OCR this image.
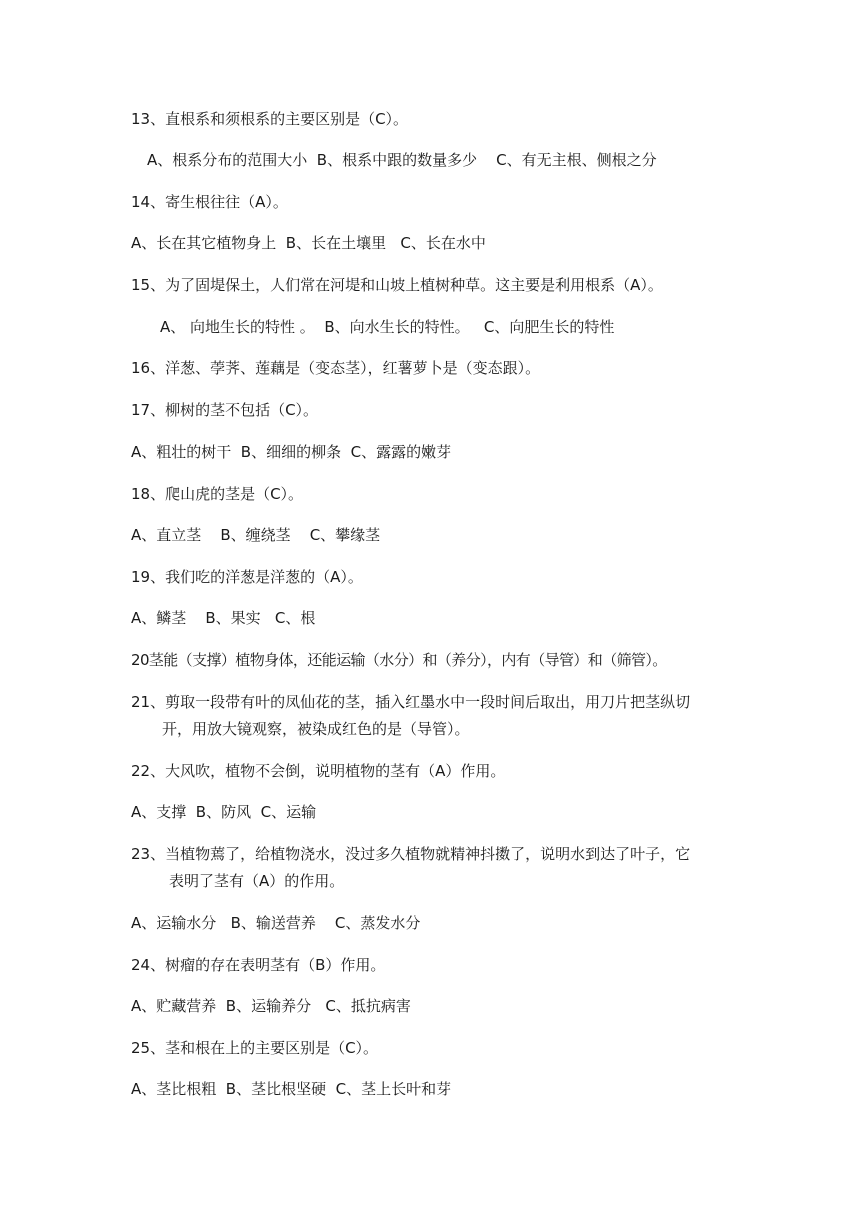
13、直根系和须根系的主要区别是（C）。
A、根系分布的范围大小  B、根系中跟的数量多少    C、有无主根、侧根之分
14、寄生根往往（A）。
A、长在其它植物身上  B、长在土壤里   C、长在水中
15、为了固堤保土，人们常在河堤和山坡上植树种草。这主要是利用根系（A）。
A、 向地生长的特性 。  B、向水生长的特性。   C、向肥生长的特性
16、洋葱、荸荠、莲藕是（变态茎），红薯萝卜是（变态跟）。
17、柳树的茎不包括（C）。
A、粗壮的树干  B、细细的柳条  C、露露的嫩芽
18、爬山虎的茎是（C）。
A、直立茎    B、缠绕茎    C、攀缘茎
19、我们吃的洋葱是洋葱的（A）。
A、鳞茎    B、果实   C、根
20茎能（支撑）植物身体，还能运输（水分）和（养分），内有（导管）和（筛管）。
21、剪取一段带有叶的凤仙花的茎，插入红墨水中一段时间后取出，用刀片把茎纵切
开，用放大镜观察，被染成红色的是（导管）。
22、大风吹，植物不会倒，说明植物的茎有（A）作用。
A、支撑  B、防风  C、运输
23、当植物蔫了，给植物浇水，没过多久植物就精神抖擞了，说明水到达了叶子，它
表明了茎有（A）的作用。
A、运输水分   B、输送营养    C、蒸发水分
24、树瘤的存在表明茎有（B）作用。
A、贮藏营养  B、运输养分   C、抵抗病害
25、茎和根在上的主要区别是（C）。
A、茎比根粗  B、茎比根坚硬  C、茎上长叶和芽
